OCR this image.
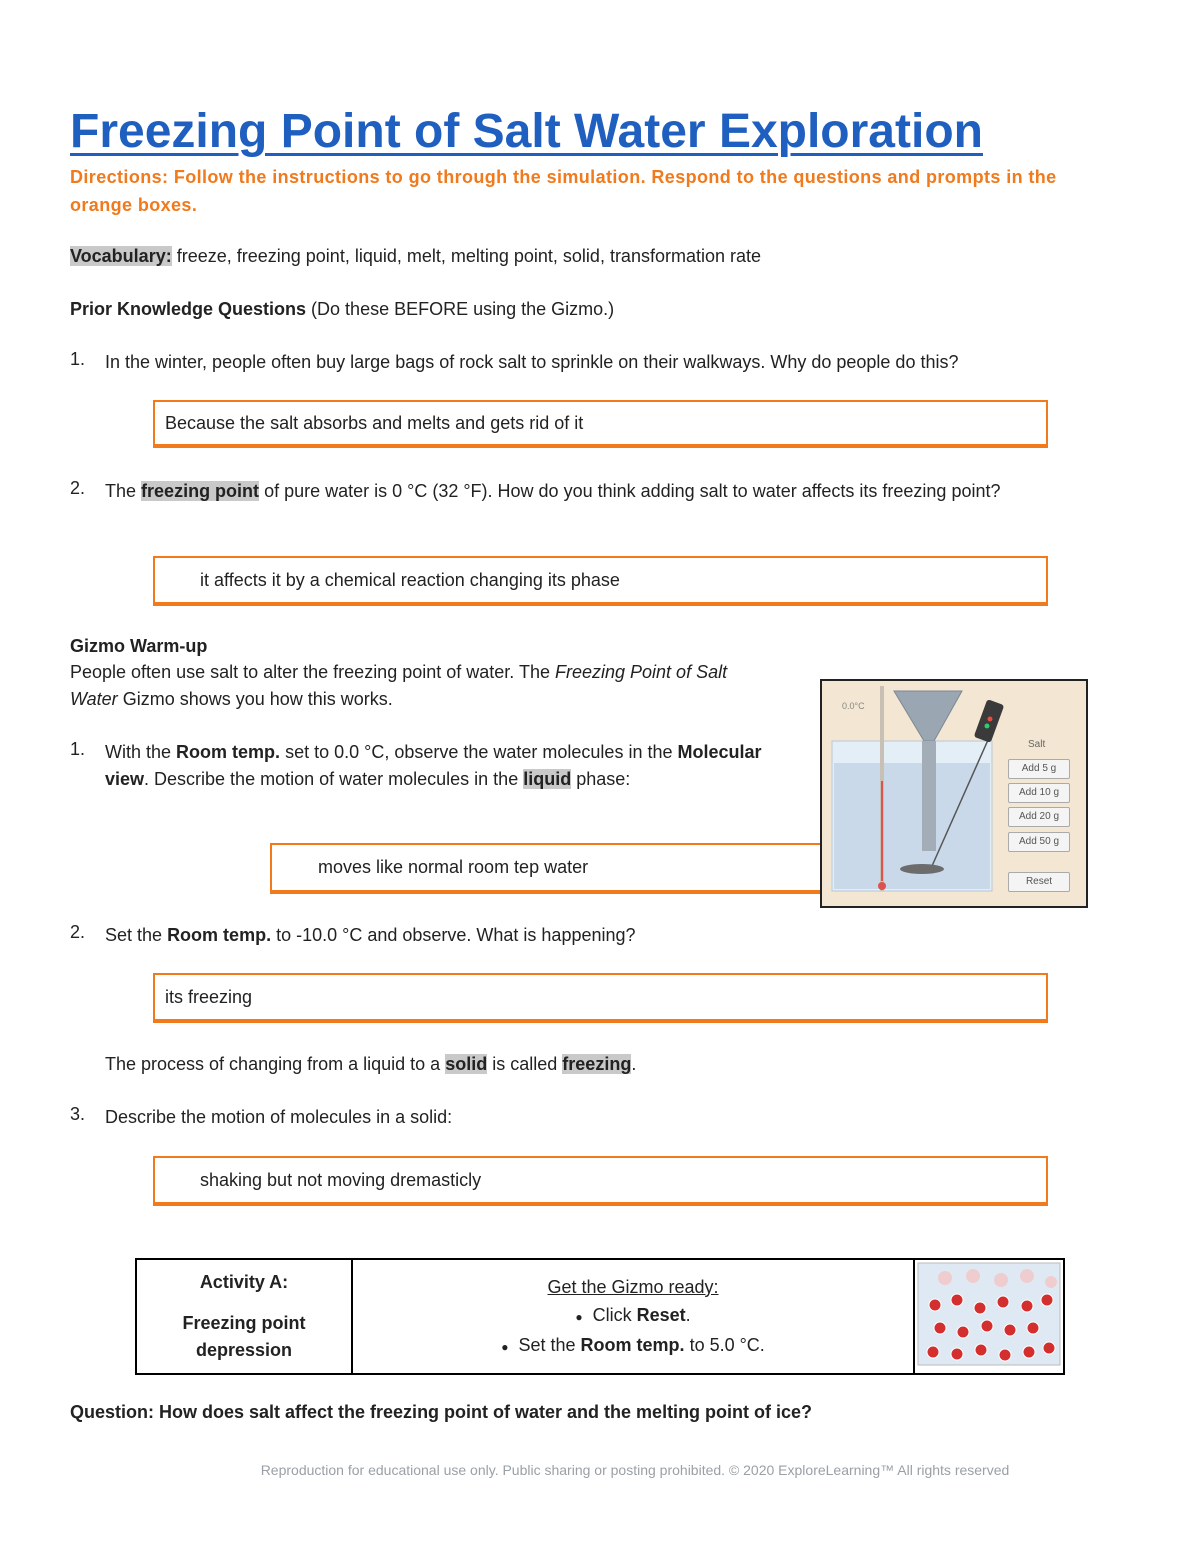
Freezing Point of Salt Water Exploration
Directions: Follow the instructions to go through the simulation. Respond to the questions and prompts in the orange boxes.
Vocabulary: freeze, freezing point, liquid, melt, melting point, solid, transformation rate
Prior Knowledge Questions (Do these BEFORE using the Gizmo.)
1. In the winter, people often buy large bags of rock salt to sprinkle on their walkways. Why do people do this?
Because the salt absorbs and melts and gets rid of it
2. The freezing point of pure water is 0 °C (32 °F). How do you think adding salt to water affects its freezing point?
it affects it by a chemical reaction changing its phase
Gizmo Warm-up
People often use salt to alter the freezing point of water. The Freezing Point of Salt Water Gizmo shows you how this works.
1. With the Room temp. set to 0.0 °C, observe the water molecules in the Molecular view. Describe the motion of water molecules in the liquid phase:
moves like normal room tep water
0.0°C
Salt
Add 5 g
Add 10 g
Add 20 g
Add 50 g
Reset
2. Set the Room temp. to -10.0 °C and observe. What is happening?
its freezing
The process of changing from a liquid to a solid is called freezing.
3. Describe the motion of molecules in a solid:
shaking but not moving dremasticly
Activity A:
Freezing point depression

Get the Gizmo ready:
● Click Reset.
● Set the Room temp. to 5.0 °C.

Question: How does salt affect the freezing point of water and the melting point of ice?
Reproduction for educational use only. Public sharing or posting prohibited. © 2020 ExploreLearning™ All rights reserved
